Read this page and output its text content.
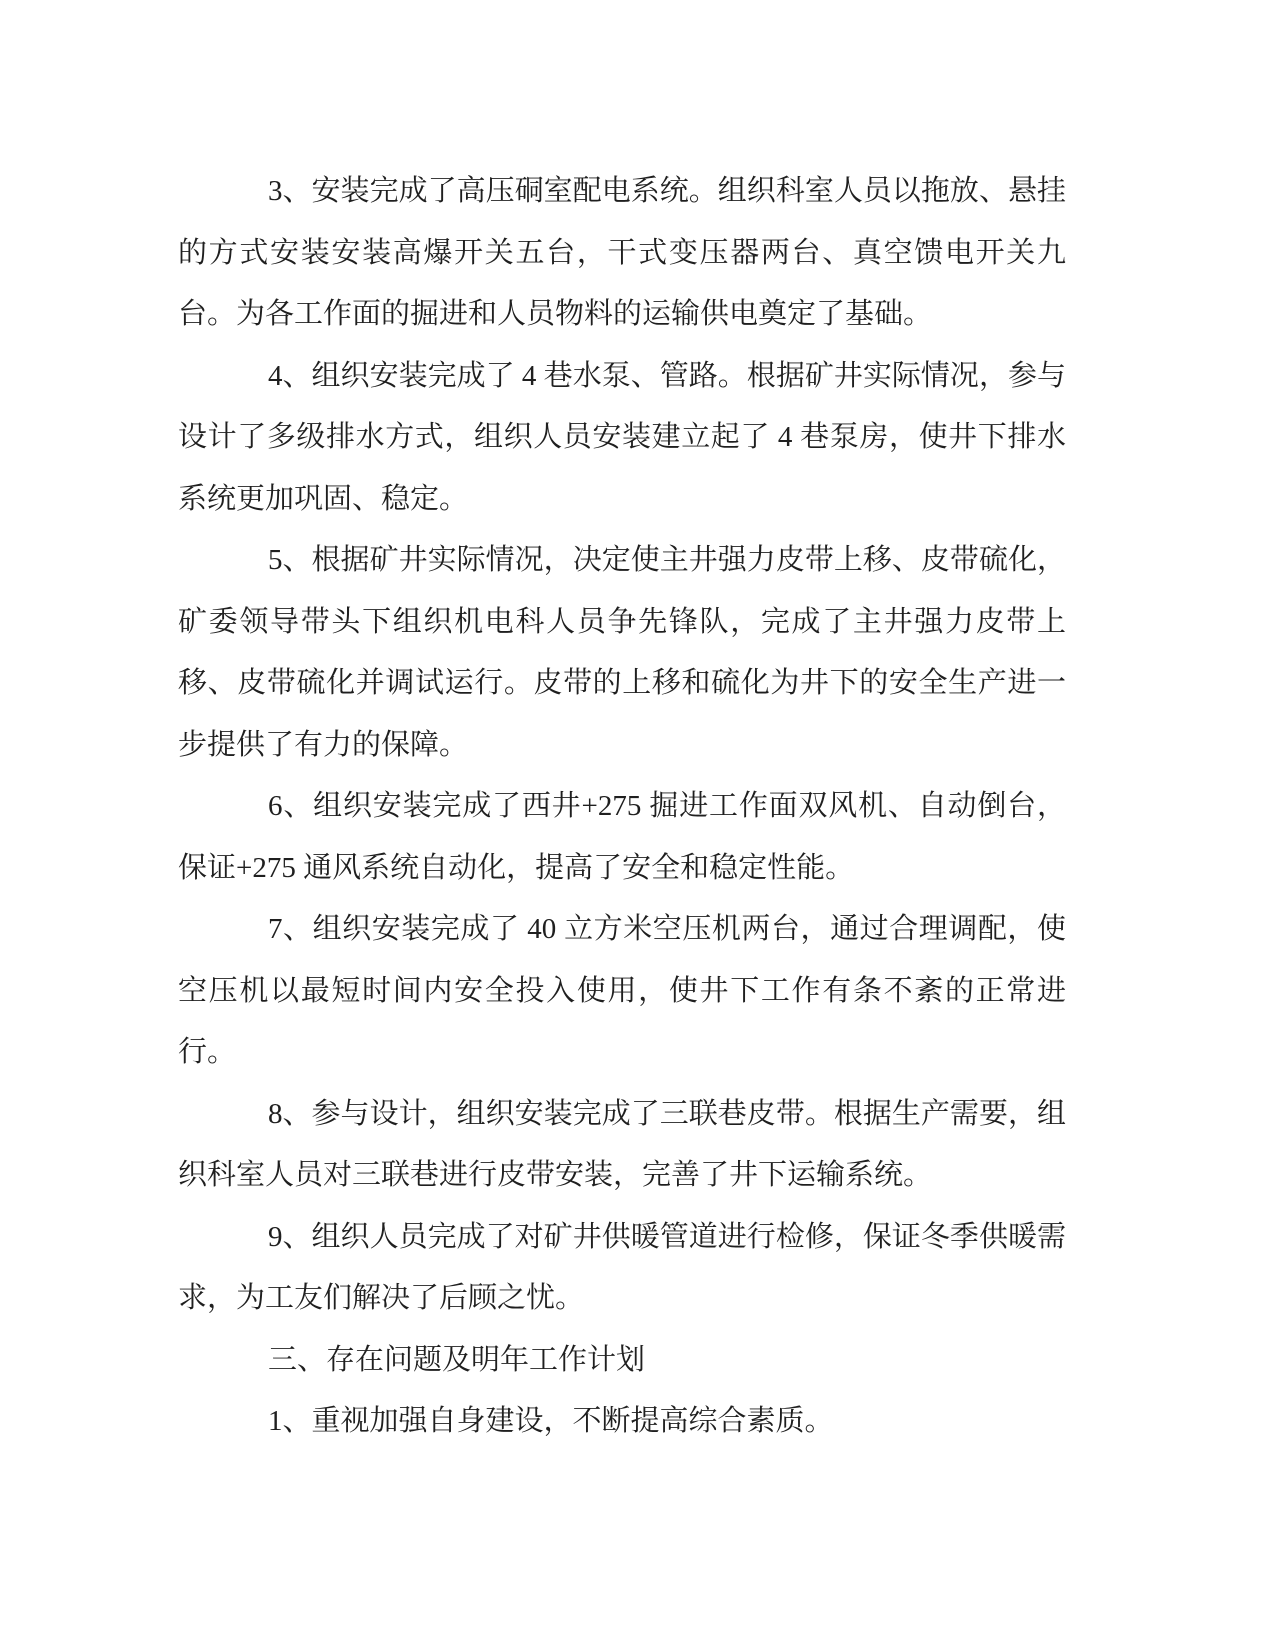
3、安装完成了高压硐室配电系统。组织科室人员以拖放、悬挂的方式安装安装高爆开关五台，干式变压器两台、真空馈电开关九台。为各工作面的掘进和人员物料的运输供电奠定了基础。

4、组织安装完成了 4 巷水泵、管路。根据矿井实际情况，参与设计了多级排水方式，组织人员安装建立起了 4 巷泵房，使井下排水系统更加巩固、稳定。

5、根据矿井实际情况，决定使主井强力皮带上移、皮带硫化，矿委领导带头下组织机电科人员争先锋队，完成了主井强力皮带上移、皮带硫化并调试运行。皮带的上移和硫化为井下的安全生产进一步提供了有力的保障。

6、组织安装完成了西井+275 掘进工作面双风机、自动倒台，保证+275 通风系统自动化，提高了安全和稳定性能。

7、组织安装完成了 40 立方米空压机两台，通过合理调配，使空压机以最短时间内安全投入使用，使井下工作有条不紊的正常进行。

8、参与设计，组织安装完成了三联巷皮带。根据生产需要，组织科室人员对三联巷进行皮带安装，完善了井下运输系统。

9、组织人员完成了对矿井供暖管道进行检修，保证冬季供暖需求，为工友们解决了后顾之忧。

三、存在问题及明年工作计划

1、重视加强自身建设，不断提高综合素质。
